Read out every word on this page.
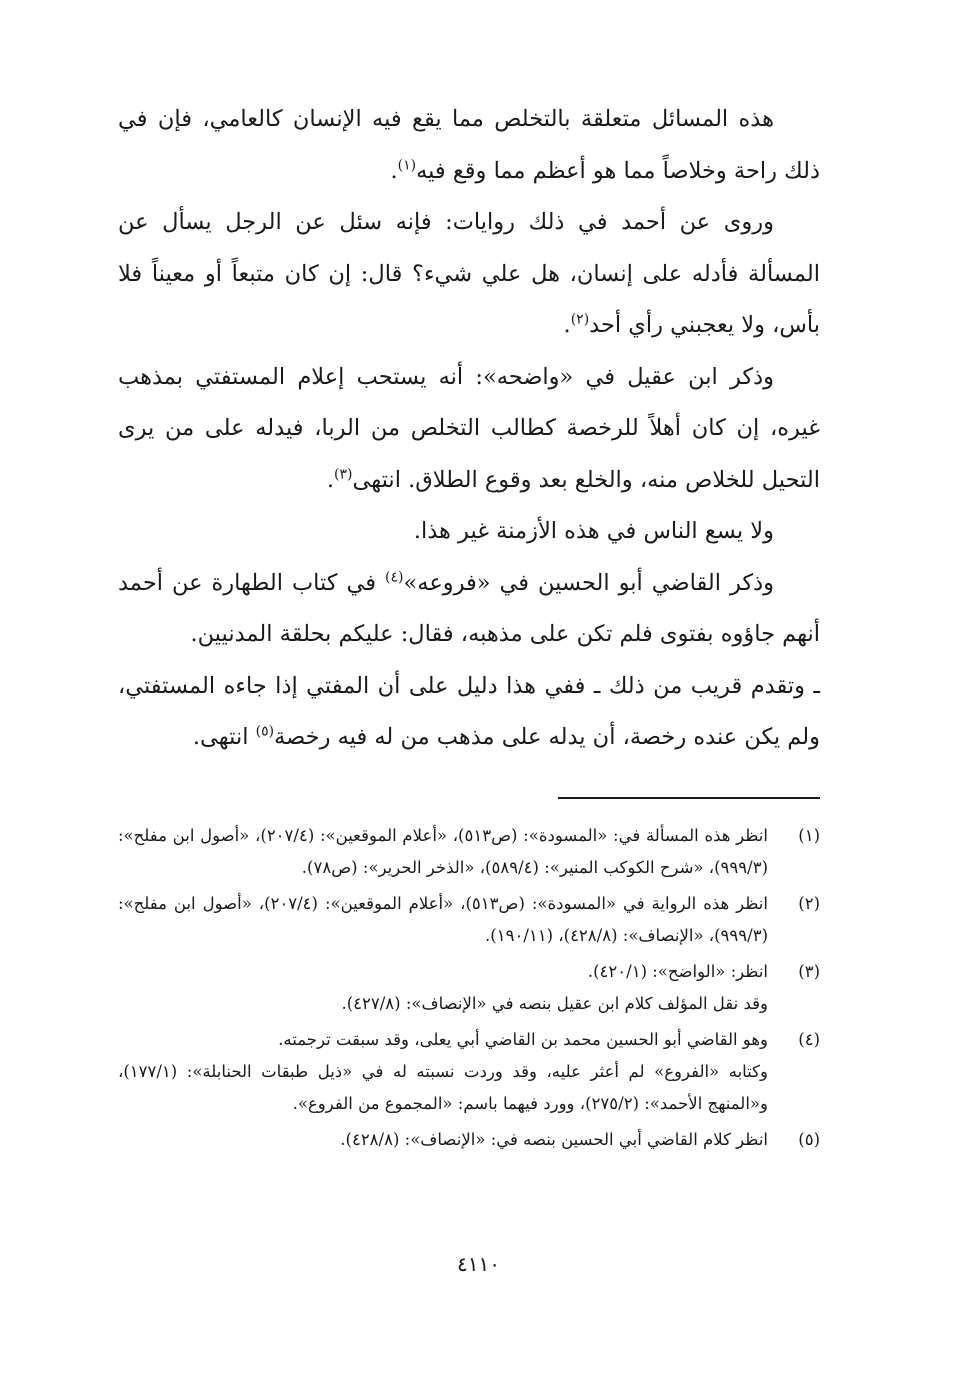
هذه المسائل متعلقة بالتخلص مما يقع فيه الإنسان كالعامي، فإن في ذلك راحة وخلاصاً مما هو أعظم مما وقع فيه$^{(١)}$.

وروى عن أحمد في ذلك روايات: فإنه سئل عن الرجل يسأل عن المسألة فأدله على إنسان، هل علي شيء؟ قال: إن كان متبعاً أو معيناً فلا بأس، ولا يعجبني رأي أحد$^{(٢)}$.

وذكر ابن عقيل في «واضحه»: أنه يستحب إعلام المستفتي بمذهب غيره، إن كان أهلاً للرخصة كطالب التخلص من الربا، فيدله على من يرى التحيل للخلاص منه، والخلع بعد وقوع الطلاق. انتهى$^{(٣)}$.

ولا يسع الناس في هذه الأزمنة غير هذا.

وذكر القاضي أبو الحسين في «فروعه»$^{(٤)}$ في كتاب الطهارة عن أحمد أنهم جاؤوه بفتوى فلم تكن على مذهبه، فقال: عليكم بحلقة المدنيين.

ـ وتقدم قريب من ذلك ـ ففي هذا دليل على أن المفتي إذا جاءه المستفتي، ولم يكن عنده رخصة، أن يدله على مذهب من له فيه رخصة$^{(٥)}$ انتهى.

(١)

انظر هذه المسألة في: «المسودة»: (ص٥١٣)، «أعلام الموقعين»: (٢٠٧/٤)، «أصول ابن مفلح»: (٩٩٩/٣)، «شرح الكوكب المنير»: (٥٨٩/٤)، «الذخر الحرير»: (ص٧٨).

(٢)

انظر هذه الرواية في «المسودة»: (ص٥١٣)، «أعلام الموقعين»: (٢٠٧/٤)، «أصول ابن مفلح»: (٩٩٩/٣)، «الإنصاف»: (٤٢٨/٨)، (١٩٠/١١).

(٣)

انظر: «الواضح»: (٤٢٠/١).

وقد نقل المؤلف كلام ابن عقيل بنصه في «الإنصاف»: (٤٢٧/٨).

(٤)

وهو القاضي أبو الحسين محمد بن القاضي أبي يعلى، وقد سبقت ترجمته.

وكتابه «الفروع» لم أعثر عليه، وقد وردت نسبته له في «ذيل طبقات الحنابلة»: (١٧٧/١)، و«المنهج الأحمد»: (٢٧٥/٢)، وورد فيهما باسم: «المجموع من الفروع».

(٥)

انظر كلام القاضي أبي الحسين بنصه في: «الإنصاف»: (٤٢٨/٨).

٤١١٠
